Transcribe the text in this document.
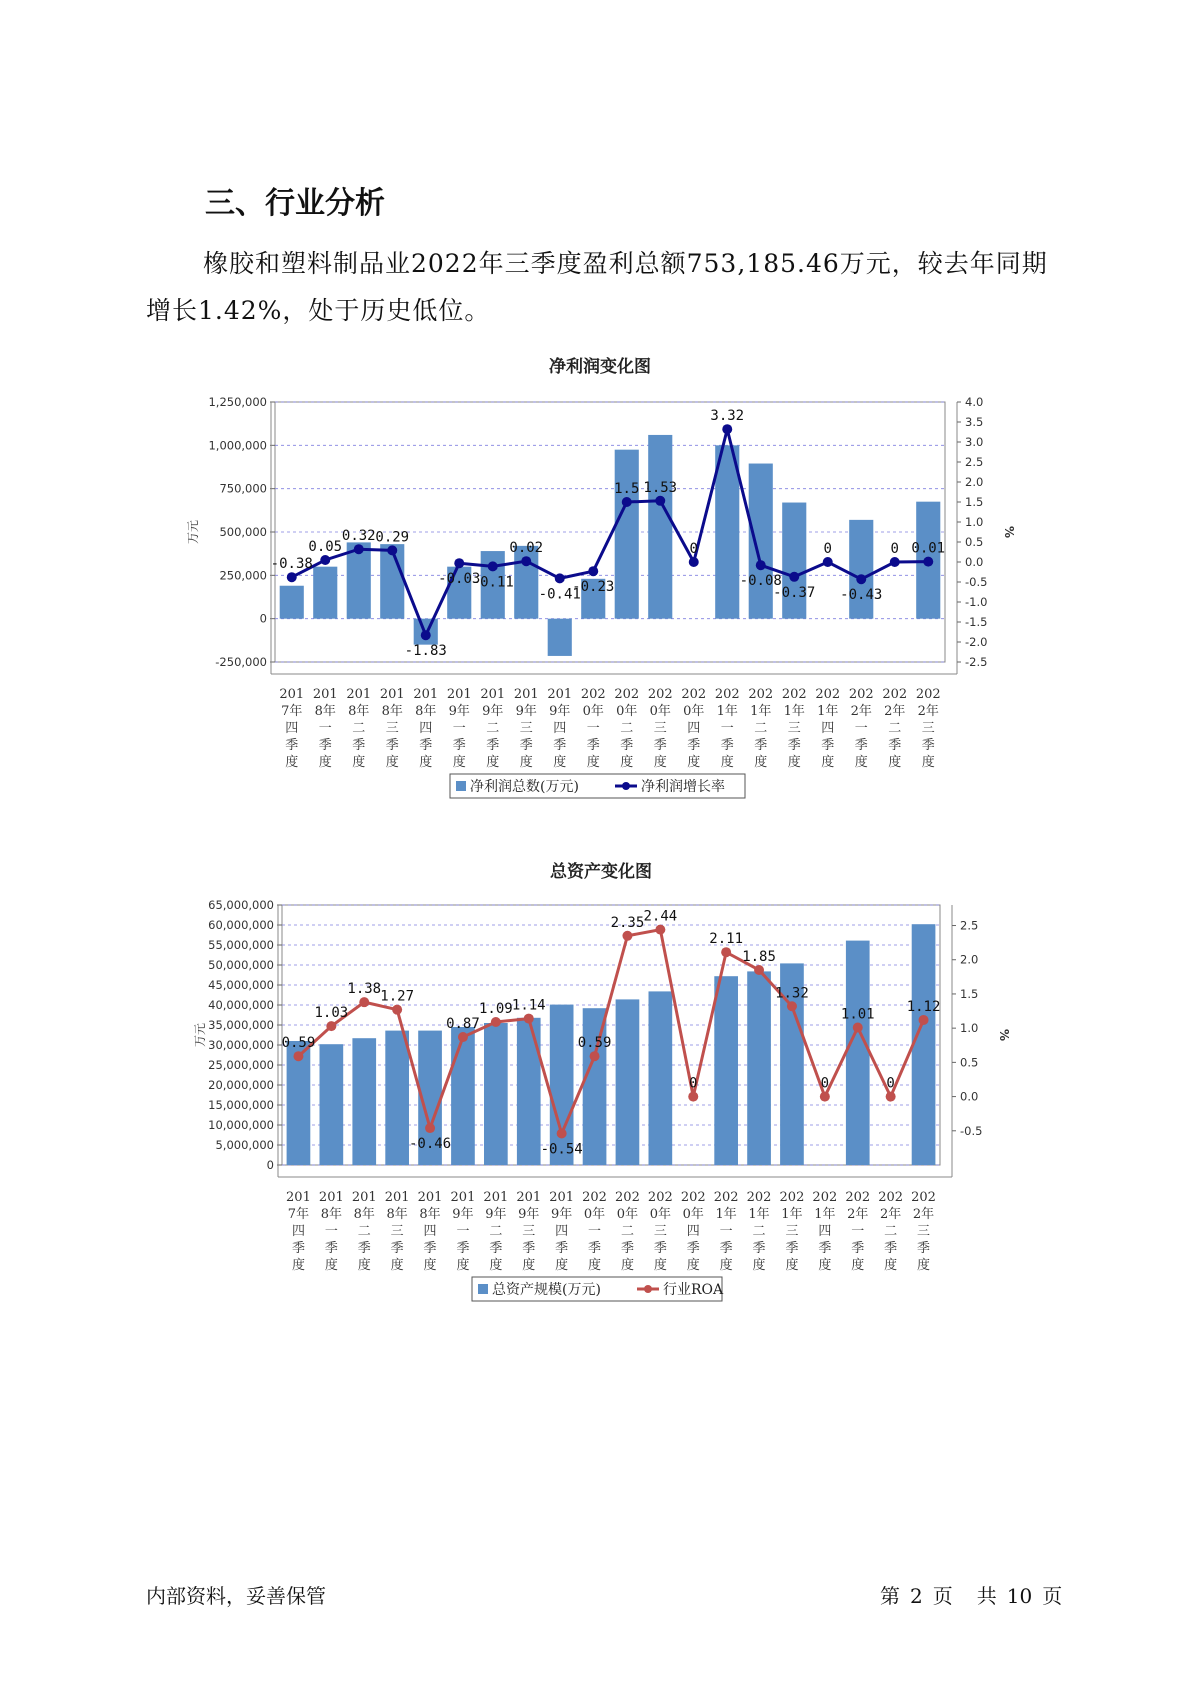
三、行业分析

橡胶和塑料制品业2022年三季度盈利总额753,185.46万元，较去年同期增长1.42%，处于历史低位。

净利润变化图
1,250,000
1,000,000
750,000
500,000
250,000
0
-250,000
万元
4.0
3.5
3.0
2.5
2.0
1.5
1.0
0.5
0.0
-0.5
-1.0
-1.5
-2.0
-2.5
%
-0.38
0.05
0.32 0.29
-1.83
-0.03
-0.11
0.02
-0.41
-0.23
1.5 1.53
0
3.32
-0.08
-0.37
0
-0.43
0 0.01
201
7年
四
季
度
201
8年
一
季
度
201
8年
二
季
度
201
8年
三
季
度
201
8年
四
季
度
201
9年
一
季
度
201
9年
二
季
度
201
9年
三
季
度
201
9年
四
季
度
202
0年
一
季
度
202
0年
二
季
度
202
0年
三
季
度
202
0年
四
季
度
202
1年
一
季
度
202
1年
二
季
度
202
1年
三
季
度
202
1年
四
季
度
202
2年
一
季
度
202
2年
二
季
度
202
2年
三
季
度
净利润总数(万元)	净利润增长率
总资产变化图
65,000,000
60,000,000
55,000,000
50,000,000
45,000,000
40,000,000
35,000,000
30,000,000
25,000,000
20,000,000
15,000,000
10,000,000
5,000,000
0
万元
2.5
2.0
1.5
1.0
0.5
0.0
-0.5
%
0.59
1.03
1.38 1.27
-0.46
0.87
1.09 1.14
-0.54
0.59
2.35 2.44
0
2.11
1.85
1.32
0
1.01
0
1.12
201
7年
四
季
度
201
8年
一
季
度
201
8年
二
季
度
201
8年
三
季
度
201
8年
四
季
度
201
9年
一
季
度
201
9年
二
季
度
201
9年
三
季
度
201
9年
四
季
度
202
0年
一
季
度
202
0年
二
季
度
202
0年
三
季
度
202
0年
四
季
度
202
1年
一
季
度
202
1年
二
季
度
202
1年
三
季
度
202
1年
四
季
度
202
2年
一
季
度
202
2年
二
季
度
202
2年
三
季
度
总资产规模(万元)	行业ROA
内部资料，妥善保管	第 2 页 共 10 页
